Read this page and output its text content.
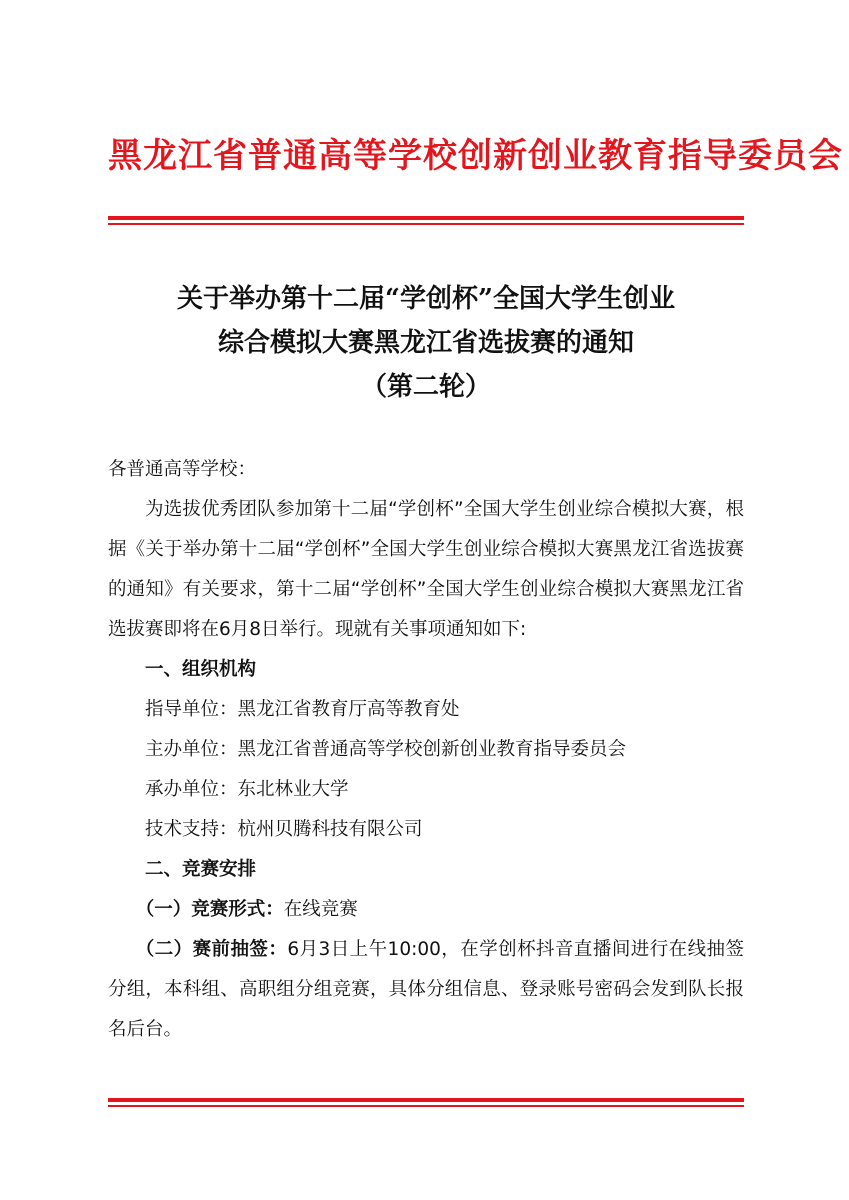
黑龙江省普通高等学校创新创业教育指导委员会
关于举办第十二届“学创杯”全国大学生创业
综合模拟大赛黑龙江省选拔赛的通知
（第二轮）

各普通高等学校：

为选拔优秀团队参加第十二届“学创杯”全国大学生创业综合模拟大赛，根据《关于举办第十二届“学创杯”全国大学生创业综合模拟大赛黑龙江省选拔赛的通知》有关要求，第十二届“学创杯”全国大学生创业综合模拟大赛黑龙江省选拔赛即将在6月8日举行。现就有关事项通知如下:

一、组织机构

指导单位：黑龙江省教育厅高等教育处

主办单位：黑龙江省普通高等学校创新创业教育指导委员会

承办单位：东北林业大学

技术支持：杭州贝腾科技有限公司

二、竞赛安排

（一）竞赛形式：在线竞赛

（二）赛前抽签：6月3日上午10:00，在学创杯抖音直播间进行在线抽签分组，本科组、高职组分组竞赛，具体分组信息、登录账号密码会发到队长报名后台。
